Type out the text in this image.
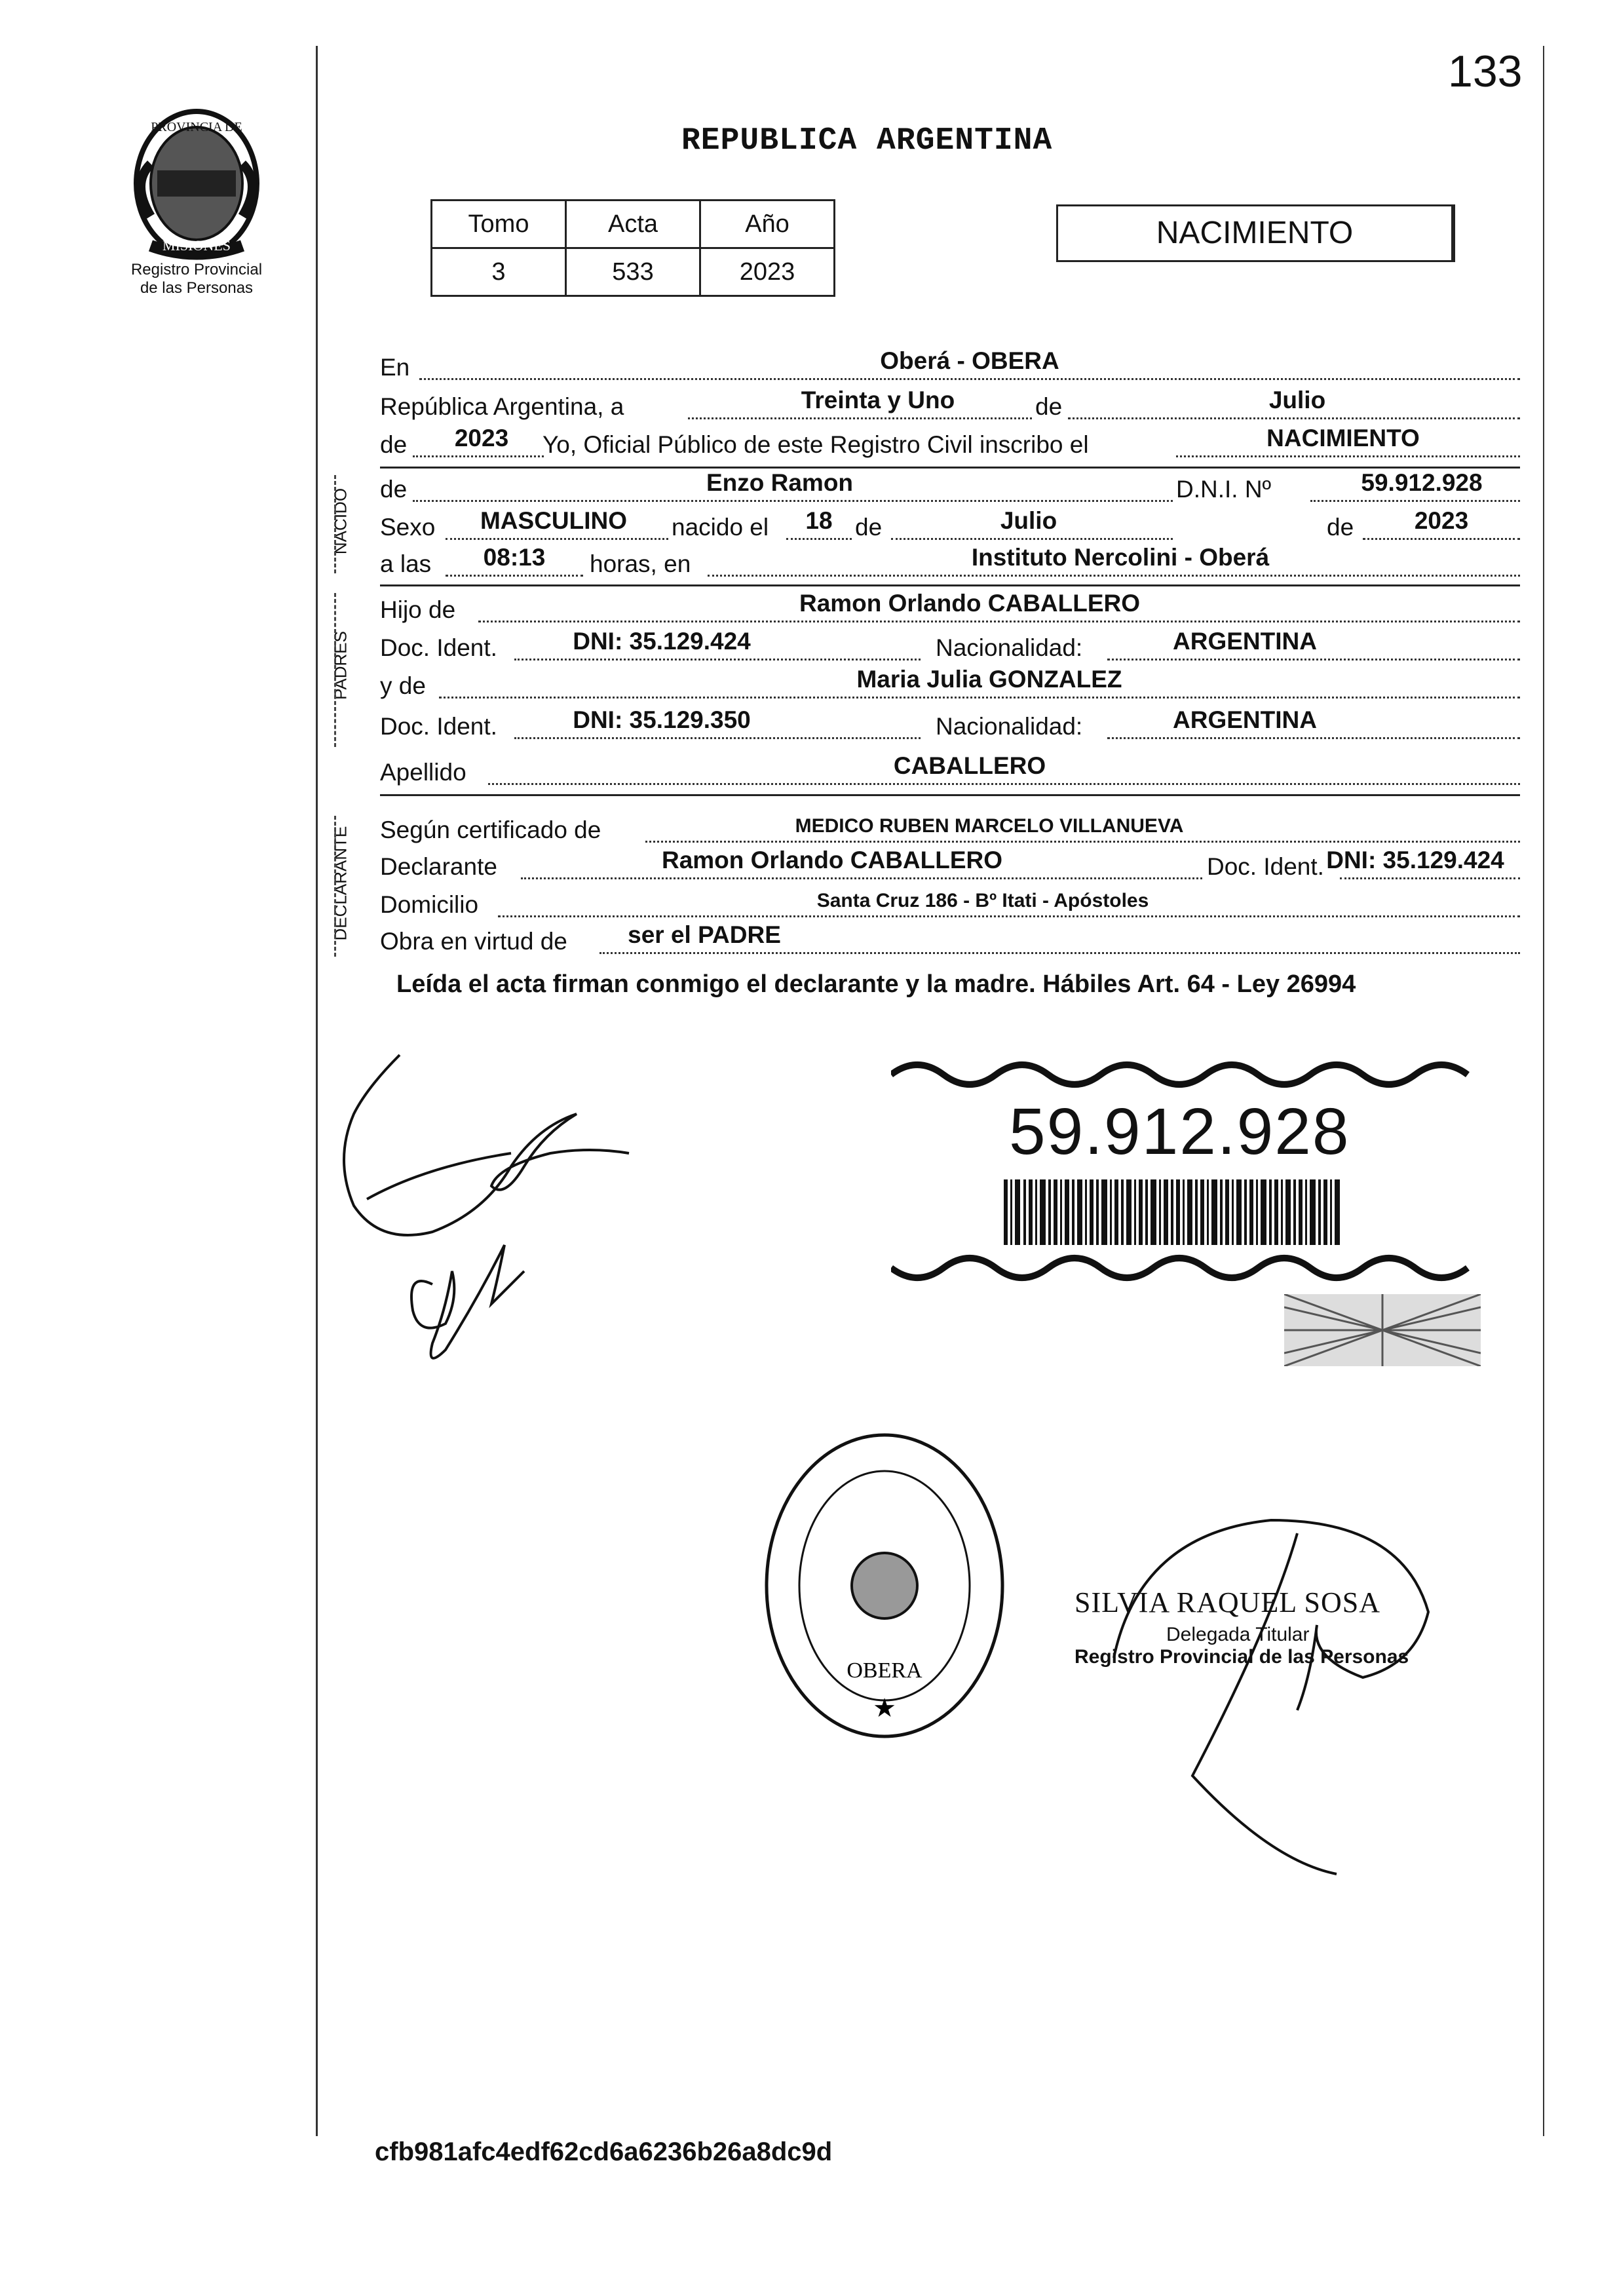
PROVINCIA DE
MISIONES
Registro Provincial
de las Personas
133
REPUBLICA ARGENTINA
Tomo	Acta	Año
3	533	2023
NACIMIENTO
En	Oberá - OBERA
República Argentina, a	Treinta y Uno	de	Julio
de	2023	Yo, Oficial Público de este Registro Civil inscribo el	NACIMIENTO
NACIDO de	Enzo Ramon	D.N.I. Nº	59.912.928
Sexo	MASCULINO	nacido el	18 de	Julio	de	2023
a las	08:13	horas, en	Instituto Nercolini - Oberá
PADRES
Hijo de	Ramon Orlando CABALLERO
Doc. Ident.	DNI: 35.129.424	Nacionalidad:	ARGENTINA
y de	Maria Julia GONZALEZ
Doc. Ident.	DNI: 35.129.350	Nacionalidad:	ARGENTINA
Apellido	CABALLERO
DECLARANTE Según certificado de	MEDICO RUBEN MARCELO VILLANUEVA
Declarante	Ramon Orlando CABALLERO	Doc. Ident. DNI: 35.129.424
Domicilio	Santa Cruz 186 - Bº Itati - Apóstoles
Obra en virtud de	ser el PADRE
Leída el acta firman conmigo el declarante y la madre. Hábiles Art. 64 - Ley 26994
59.912.928
OBERA
★
SILVIA RAQUEL SOSA
Delegada Titular
Registro Provincial de las Personas
cfb981afc4edf62cd6a6236b26a8dc9d
